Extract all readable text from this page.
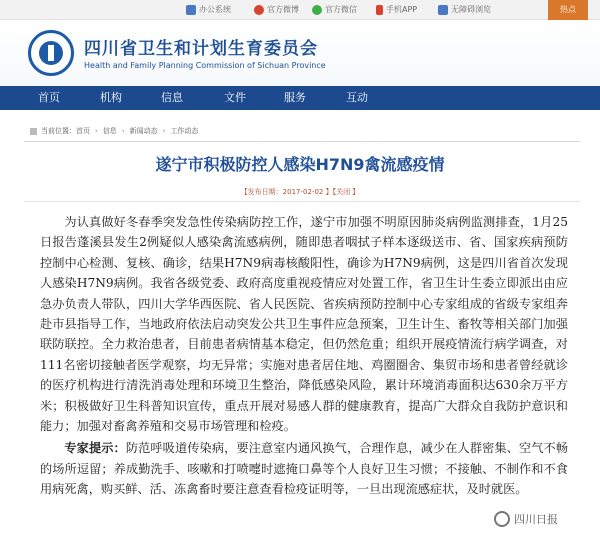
办公系统	官方微博	官方微信	手机APP	无障碍浏览	热点
四川省卫生和计划生育委员会
Health and Family Planning Commission of Sichuan Province
首页	机构	信息	文件	服务	互动
当前位置： 首页 › 信息 › 新闻动态 › 工作动态
遂宁市积极防控人感染H7N9禽流感疫情
【发布日期：2017-02-02 】【关闭 】

为认真做好冬春季突发急性传染病防控工作，遂宁市加强不明原因肺炎病例监测排查，1月25日报告蓬溪县发生2例疑似人感染禽流感病例，随即患者咽拭子样本逐级送市、省、国家疾病预防控制中心检测、复核、确诊，结果H7N9病毒核酸阳性，确诊为H7N9病例，这是四川省首次发现人感染H7N9病例。我省各级党委、政府高度重视疫情应对处置工作，省卫生计生委立即派出由应急办负责人带队，四川大学华西医院、省人民医院、省疾病预防控制中心专家组成的省级专家组奔赴市县指导工作，当地政府依法启动突发公共卫生事件应急预案，卫生计生、畜牧等相关部门加强联防联控。全力救治患者，目前患者病情基本稳定，但仍然危重；组织开展疫情流行病学调查，对111名密切接触者医学观察，均无异常；实施对患者居住地、鸡圈圈舍、集贸市场和患者曾经就诊的医疗机构进行清洗消毒处理和环境卫生整治，降低感染风险，累计环境消毒面积达630余万平方米；积极做好卫生科普知识宣传，重点开展对易感人群的健康教育，提高广大群众自我防护意识和能力；加强对畜禽养殖和交易市场管理和检疫。

专家提示：防范呼吸道传染病，要注意室内通风换气，合理作息，减少在人群密集、空气不畅的场所逗留；养成勤洗手、咳嗽和打喷嚏时遮掩口鼻等个人良好卫生习惯；不接触、不制作和不食用病死禽，购买鲜、活、冻禽畜时要注意查看检疫证明等，一旦出现流感症状，及时就医。

四川日报
